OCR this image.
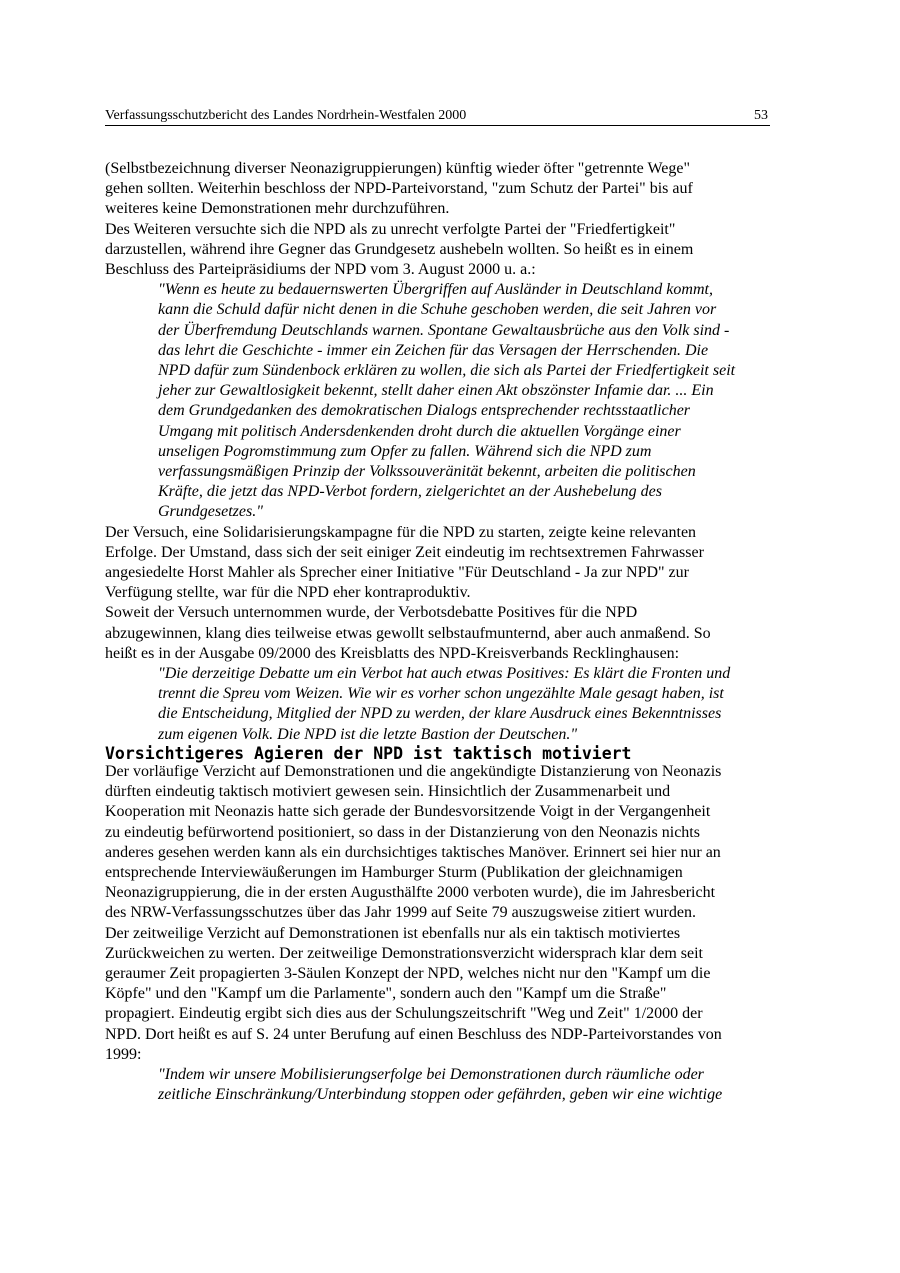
Verfassungsschutzbericht des Landes Nordrhein-Westfalen 2000	53

(Selbstbezeichnung diverser Neonazigruppierungen) künftig wieder öfter "getrennte Wege"
gehen sollten. Weiterhin beschloss der NPD-Parteivorstand, "zum Schutz der Partei" bis auf
weiteres keine Demonstrationen mehr durchzuführen.

Des Weiteren versuchte sich die NPD als zu unrecht verfolgte Partei der "Friedfertigkeit"
darzustellen, während ihre Gegner das Grundgesetz aushebeln wollten. So heißt es in einem
Beschluss des Parteipräsidiums der NPD vom 3. August 2000 u. a.:

"Wenn es heute zu bedauernswerten Übergriffen auf Ausländer in Deutschland kommt,
kann die Schuld dafür nicht denen in die Schuhe geschoben werden, die seit Jahren vor
der Überfremdung Deutschlands warnen. Spontane Gewaltausbrüche aus den Volk sind -
das lehrt die Geschichte - immer ein Zeichen für das Versagen der Herrschenden. Die
NPD dafür zum Sündenbock erklären zu wollen, die sich als Partei der Friedfertigkeit seit
jeher zur Gewaltlosigkeit bekennt, stellt daher einen Akt obszönster Infamie dar. ... Ein
dem Grundgedanken des demokratischen Dialogs entsprechender rechtsstaatlicher
Umgang mit politisch Andersdenkenden droht durch die aktuellen Vorgänge einer
unseligen Pogromstimmung zum Opfer zu fallen. Während sich die NPD zum
verfassungsmäßigen Prinzip der Volkssouveränität bekennt, arbeiten die politischen
Kräfte, die jetzt das NPD-Verbot fordern, zielgerichtet an der Aushebelung des
Grundgesetzes."

Der Versuch, eine Solidarisierungskampagne für die NPD zu starten, zeigte keine relevanten
Erfolge. Der Umstand, dass sich der seit einiger Zeit eindeutig im rechtsextremen Fahrwasser
angesiedelte Horst Mahler als Sprecher einer Initiative "Für Deutschland - Ja zur NPD" zur
Verfügung stellte, war für die NPD eher kontraproduktiv.

Soweit der Versuch unternommen wurde, der Verbotsdebatte Positives für die NPD
abzugewinnen, klang dies teilweise etwas gewollt selbstaufmunternd, aber auch anmaßend. So
heißt es in der Ausgabe 09/2000 des Kreisblatts des NPD-Kreisverbands Recklinghausen:

"Die derzeitige Debatte um ein Verbot hat auch etwas Positives: Es klärt die Fronten und
trennt die Spreu vom Weizen. Wie wir es vorher schon ungezählte Male gesagt haben, ist
die Entscheidung, Mitglied der NPD zu werden, der klare Ausdruck eines Bekenntnisses
zum eigenen Volk. Die NPD ist die letzte Bastion der Deutschen."

Vorsichtigeres Agieren der NPD ist taktisch motiviert

Der vorläufige Verzicht auf Demonstrationen und die angekündigte Distanzierung von Neonazis
dürften eindeutig taktisch motiviert gewesen sein. Hinsichtlich der Zusammenarbeit und
Kooperation mit Neonazis hatte sich gerade der Bundesvorsitzende Voigt in der Vergangenheit
zu eindeutig befürwortend positioniert, so dass in der Distanzierung von den Neonazis nichts
anderes gesehen werden kann als ein durchsichtiges taktisches Manöver. Erinnert sei hier nur an
entsprechende Interviewäußerungen im Hamburger Sturm (Publikation der gleichnamigen
Neonazigruppierung, die in der ersten Augusthälfte 2000 verboten wurde), die im Jahresbericht
des NRW-Verfassungsschutzes über das Jahr 1999 auf Seite 79 auszugsweise zitiert wurden.

Der zeitweilige Verzicht auf Demonstrationen ist ebenfalls nur als ein taktisch motiviertes
Zurückweichen zu werten. Der zeitweilige Demonstrationsverzicht widersprach klar dem seit
geraumer Zeit propagierten 3-Säulen Konzept der NPD, welches nicht nur den "Kampf um die
Köpfe" und den "Kampf um die Parlamente", sondern auch den "Kampf um die Straße"
propagiert. Eindeutig ergibt sich dies aus der Schulungszeitschrift "Weg und Zeit" 1/2000 der
NPD. Dort heißt es auf S. 24 unter Berufung auf einen Beschluss des NDP-Parteivorstandes von
1999:

"Indem wir unsere Mobilisierungserfolge bei Demonstrationen durch räumliche oder
zeitliche Einschränkung/Unterbindung stoppen oder gefährden, geben wir eine wichtige
